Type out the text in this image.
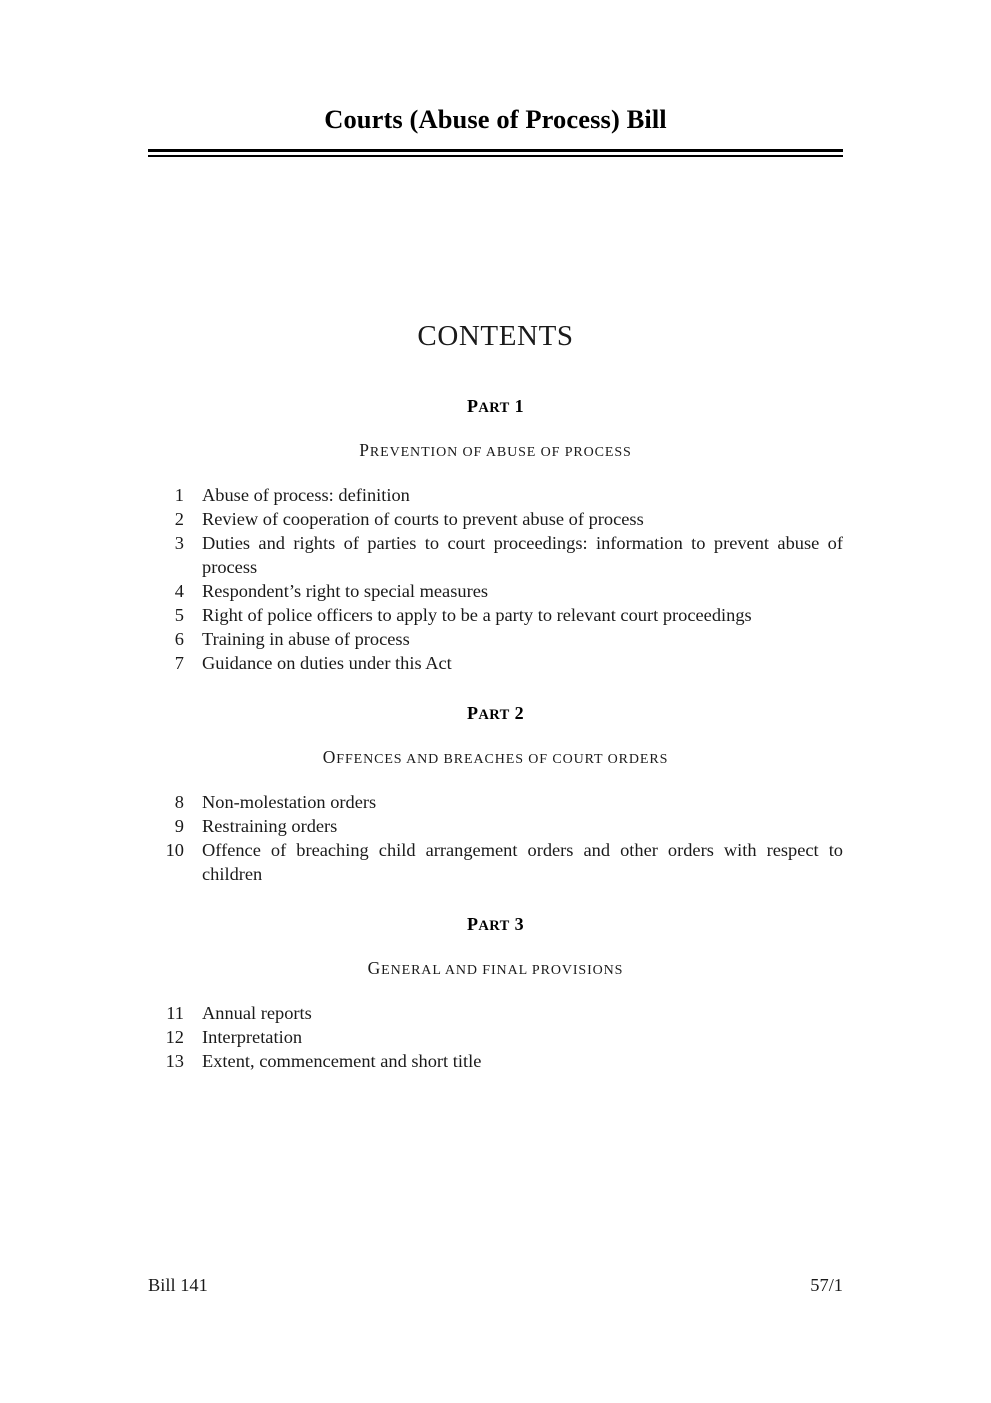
Courts (Abuse of Process) Bill
CONTENTS
PART 1
PREVENTION OF ABUSE OF PROCESS
1 Abuse of process: definition
2 Review of cooperation of courts to prevent abuse of process
3 Duties and rights of parties to court proceedings: information to prevent abuse of process
4 Respondent’s right to special measures
5 Right of police officers to apply to be a party to relevant court proceedings
6 Training in abuse of process
7 Guidance on duties under this Act
PART 2
OFFENCES AND BREACHES OF COURT ORDERS
8 Non-molestation orders
9 Restraining orders
10 Offence of breaching child arrangement orders and other orders with respect to children
PART 3
GENERAL AND FINAL PROVISIONS
11 Annual reports
12 Interpretation
13 Extent, commencement and short title
Bill 141	57/1
